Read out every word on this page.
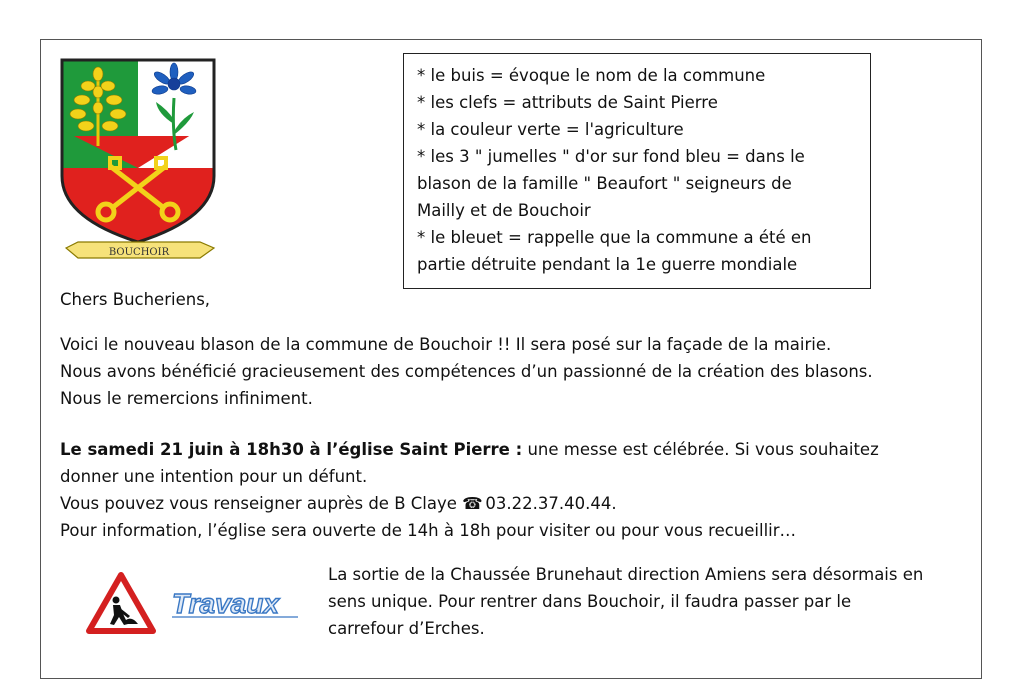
BOUCHOIR
* le buis = évoque le nom de la commune
* les clefs = attributs de Saint Pierre
* la couleur verte = l'agriculture
* les 3 " jumelles " d'or sur fond bleu = dans le
blason de la famille " Beaufort " seigneurs de
Mailly et de Bouchoir
* le bleuet = rappelle que la commune a été en
partie détruite pendant la 1e guerre mondiale
Chers Bucheriens,
Voici le nouveau blason de la commune de Bouchoir !! Il sera posé sur la façade de la mairie.
Nous avons bénéficié gracieusement des compétences d’un passionné de la création des blasons.
Nous le remercions infiniment.
Le samedi 21 juin à 18h30 à l’église Saint Pierre : une messe est célébrée. Si vous souhaitez
donner une intention pour un défunt.
Vous pouvez vous renseigner auprès de B Claye ☎ 03.22.37.40.44.
Pour information, l’église sera ouverte de 14h à 18h pour visiter ou pour vous recueillir…
Travaux
La sortie de la Chaussée Brunehaut direction Amiens sera désormais en
sens unique. Pour rentrer dans Bouchoir, il faudra passer par le
carrefour d’Erches.
